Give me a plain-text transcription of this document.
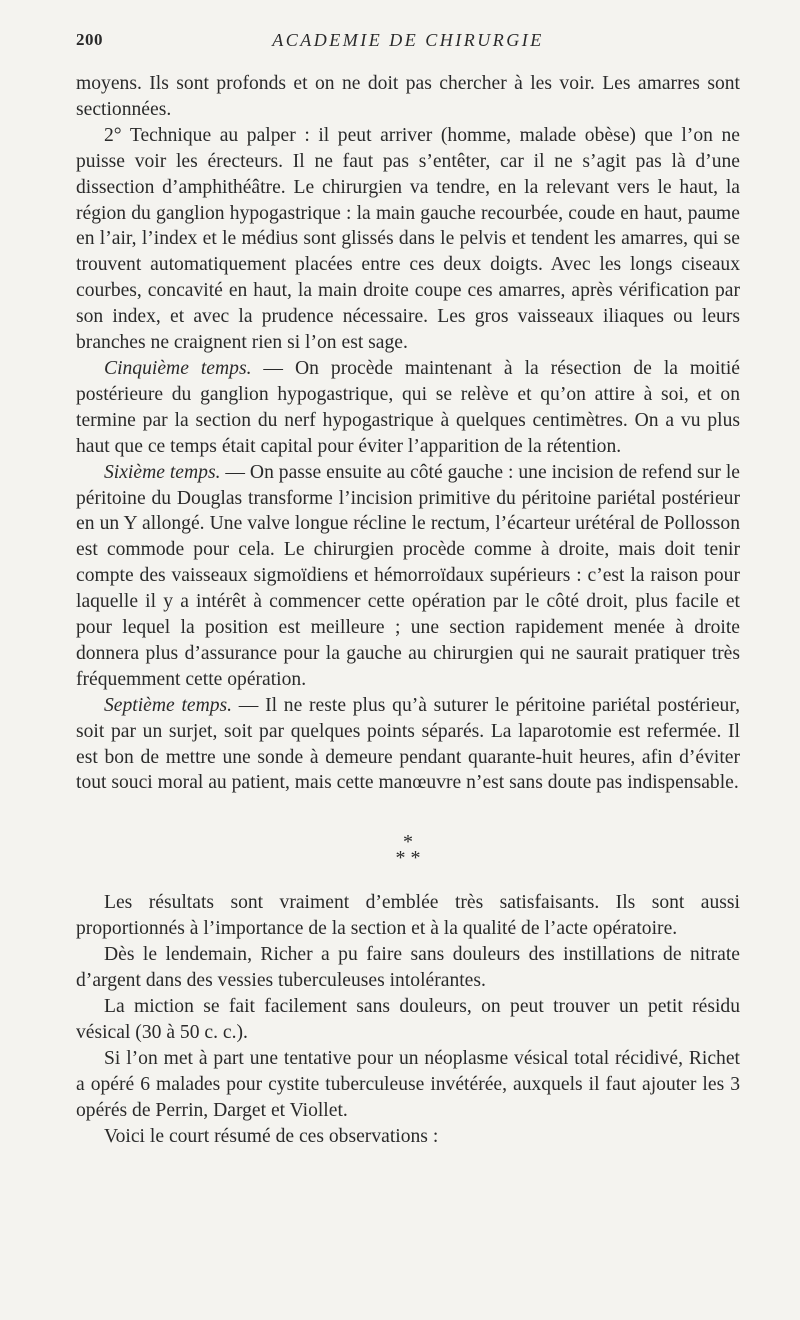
200	ACADEMIE DE CHIRURGIE

moyens. Ils sont profonds et on ne doit pas chercher à les voir. Les amarres sont sectionnées.

2° Technique au palper : il peut arriver (homme, malade obèse) que l’on ne puisse voir les érecteurs. Il ne faut pas s’entêter, car il ne s’agit pas là d’une dissection d’amphithéâtre. Le chirurgien va tendre, en la relevant vers le haut, la région du ganglion hypogastrique : la main gauche recourbée, coude en haut, paume en l’air, l’index et le médius sont glissés dans le pelvis et tendent les amarres, qui se trouvent automatiquement placées entre ces deux doigts. Avec les longs ciseaux courbes, concavité en haut, la main droite coupe ces amarres, après vérification par son index, et avec la prudence nécessaire. Les gros vaisseaux iliaques ou leurs branches ne craignent rien si l’on est sage.

Cinquième temps. — On procède maintenant à la résection de la moitié postérieure du ganglion hypogastrique, qui se relève et qu’on attire à soi, et on termine par la section du nerf hypogastrique à quelques centimètres. On a vu plus haut que ce temps était capital pour éviter l’apparition de la rétention.

Sixième temps. — On passe ensuite au côté gauche : une incision de refend sur le péritoine du Douglas transforme l’incision primitive du péritoine pariétal postérieur en un Y allongé. Une valve longue récline le rectum, l’écarteur urétéral de Pollosson est commode pour cela. Le chirurgien procède comme à droite, mais doit tenir compte des vaisseaux sigmoïdiens et hémorroïdaux supérieurs : c’est la raison pour laquelle il y a intérêt à commencer cette opération par le côté droit, plus facile et pour lequel la position est meilleure ; une section rapidement menée à droite donnera plus d’assurance pour la gauche au chirurgien qui ne saurait pratiquer très fréquemment cette opération.

Septième temps. — Il ne reste plus qu’à suturer le péritoine pariétal postérieur, soit par un surjet, soit par quelques points séparés. La laparotomie est refermée. Il est bon de mettre une sonde à demeure pendant quarante-huit heures, afin d’éviter tout souci moral au patient, mais cette manœuvre n’est sans doute pas indispensable.

*
* *

Les résultats sont vraiment d’emblée très satisfaisants. Ils sont aussi proportionnés à l’importance de la section et à la qualité de l’acte opératoire.

Dès le lendemain, Richer a pu faire sans douleurs des instillations de nitrate d’argent dans des vessies tuberculeuses intolérantes.

La miction se fait facilement sans douleurs, on peut trouver un petit résidu vésical (30 à 50 c. c.).

Si l’on met à part une tentative pour un néoplasme vésical total récidivé, Richet a opéré 6 malades pour cystite tuberculeuse invétérée, auxquels il faut ajouter les 3 opérés de Perrin, Darget et Viollet.

Voici le court résumé de ces observations :
